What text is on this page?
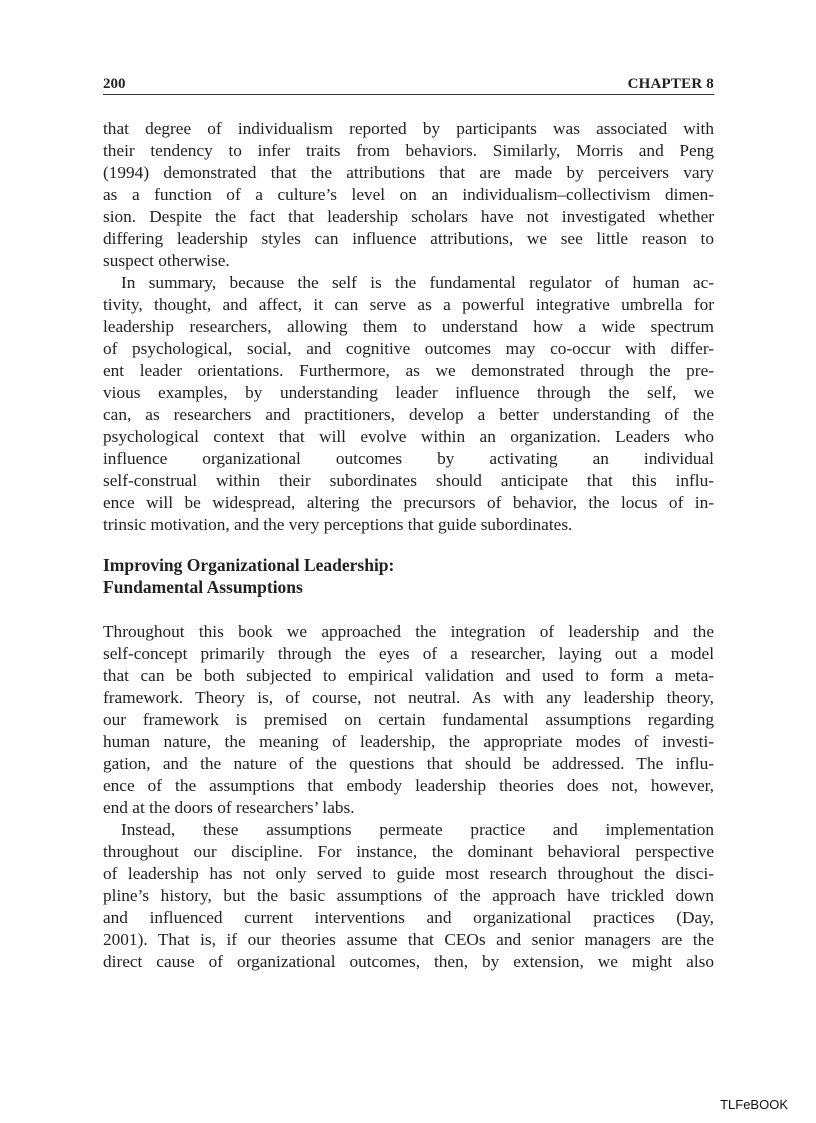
200	CHAPTER 8
that degree of individualism reported by participants was associated with
their tendency to infer traits from behaviors. Similarly, Morris and Peng
(1994) demonstrated that the attributions that are made by perceivers vary
as a function of a culture’s level on an individualism–collectivism dimen-
sion. Despite the fact that leadership scholars have not investigated whether
differing leadership styles can influence attributions, we see little reason to
suspect otherwise.
In summary, because the self is the fundamental regulator of human ac-
tivity, thought, and affect, it can serve as a powerful integrative umbrella for
leadership researchers, allowing them to understand how a wide spectrum
of psychological, social, and cognitive outcomes may co-occur with differ-
ent leader orientations. Furthermore, as we demonstrated through the pre-
vious examples, by understanding leader influence through the self, we
can, as researchers and practitioners, develop a better understanding of the
psychological context that will evolve within an organization. Leaders who
influence organizational outcomes by activating an individual
self-construal within their subordinates should anticipate that this influ-
ence will be widespread, altering the precursors of behavior, the locus of in-
trinsic motivation, and the very perceptions that guide subordinates.
Improving Organizational Leadership:
Fundamental Assumptions
Throughout this book we approached the integration of leadership and the
self-concept primarily through the eyes of a researcher, laying out a model
that can be both subjected to empirical validation and used to form a meta-
framework. Theory is, of course, not neutral. As with any leadership theory,
our framework is premised on certain fundamental assumptions regarding
human nature, the meaning of leadership, the appropriate modes of investi-
gation, and the nature of the questions that should be addressed. The influ-
ence of the assumptions that embody leadership theories does not, however,
end at the doors of researchers’ labs.
Instead, these assumptions permeate practice and implementation
throughout our discipline. For instance, the dominant behavioral perspective
of leadership has not only served to guide most research throughout the disci-
pline’s history, but the basic assumptions of the approach have trickled down
and influenced current interventions and organizational practices (Day,
2001). That is, if our theories assume that CEOs and senior managers are the
direct cause of organizational outcomes, then, by extension, we might also
TLFeBOOK
